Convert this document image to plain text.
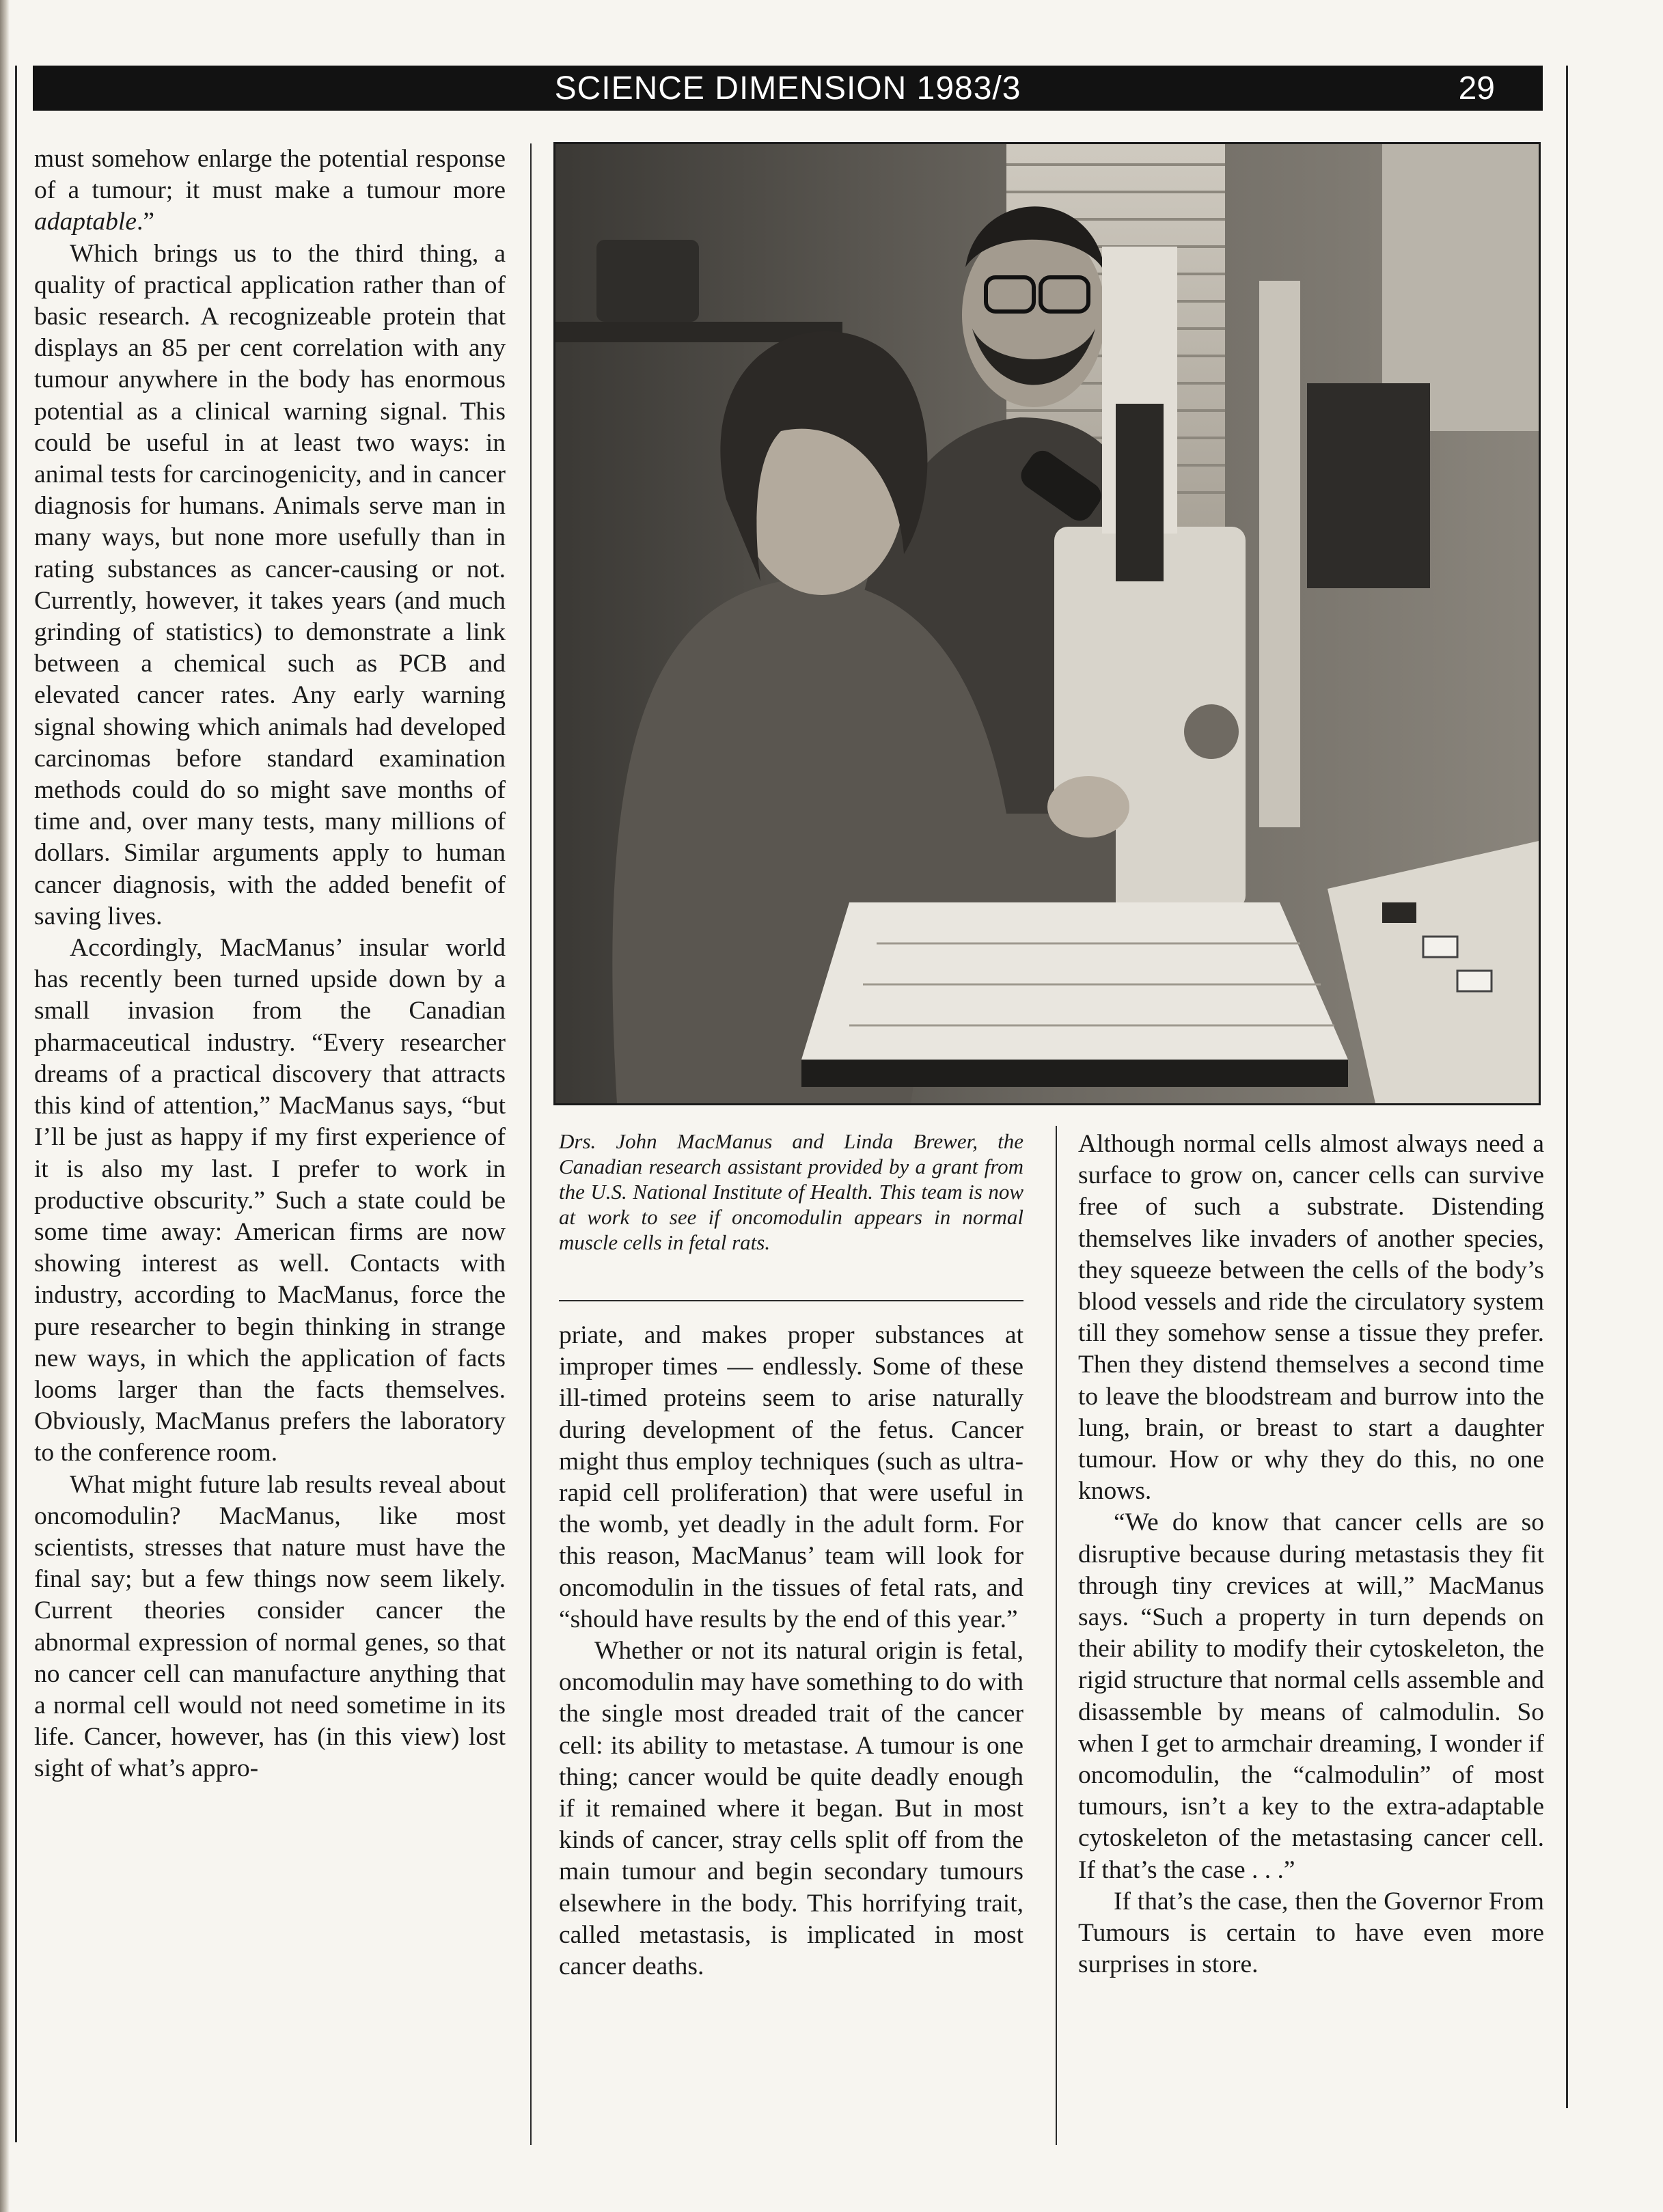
SCIENCE DIMENSION 1983/3	29

must somehow enlarge the potential response of a tumour; it must make a tumour more adaptable.”

Which brings us to the third thing, a quality of practical application rather than of basic research. A recognizeable protein that displays an 85 per cent correlation with any tumour anywhere in the body has enormous potential as a clinical warning signal. This could be useful in at least two ways: in animal tests for carcinogenicity, and in cancer diagnosis for humans. Animals serve man in many ways, but none more usefully than in rating substances as cancer-causing or not. Currently, however, it takes years (and much grinding of statistics) to demonstrate a link between a chemical such as PCB and elevated cancer rates. Any early warning signal showing which animals had developed carcinomas before standard examination methods could do so might save months of time and, over many tests, many millions of dollars. Similar arguments apply to human cancer diagnosis, with the added benefit of saving lives.

Accordingly, MacManus’ insular world has recently been turned upside down by a small invasion from the Canadian pharmaceutical industry. “Every researcher dreams of a practical discovery that attracts this kind of attention,” MacManus says, “but I’ll be just as happy if my first experience of it is also my last. I prefer to work in productive obscurity.” Such a state could be some time away: American firms are now showing interest as well. Contacts with industry, according to MacManus, force the pure researcher to begin thinking in strange new ways, in which the application of facts looms larger than the facts themselves. Obviously, MacManus prefers the laboratory to the conference room.

What might future lab results reveal about oncomodulin? MacManus, like most scientists, stresses that nature must have the final say; but a few things now seem likely. Current theories consider cancer the abnormal expression of normal genes, so that no cancer cell can manufacture anything that a normal cell would not need sometime in its life. Cancer, however, has (in this view) lost sight of what’s appro-

Drs. John MacManus and Linda Brewer, the Canadian research assistant provided by a grant from the U.S. National Institute of Health. This team is now at work to see if oncomodulin appears in normal muscle cells in fetal rats.

priate, and makes proper substances at improper times — endlessly. Some of these ill-timed proteins seem to arise naturally during development of the fetus. Cancer might thus employ techniques (such as ultra-rapid cell proliferation) that were useful in the womb, yet deadly in the adult form. For this reason, MacManus’ team will look for oncomodulin in the tissues of fetal rats, and “should have results by the end of this year.”

Whether or not its natural origin is fetal, oncomodulin may have something to do with the single most dreaded trait of the cancer cell: its ability to metastase. A tumour is one thing; cancer would be quite deadly enough if it remained where it began. But in most kinds of cancer, stray cells split off from the main tumour and begin secondary tumours elsewhere in the body. This horrifying trait, called metastasis, is implicated in most cancer deaths.

Although normal cells almost always need a surface to grow on, cancer cells can survive free of such a substrate. Distending themselves like invaders of another species, they squeeze between the cells of the body’s blood vessels and ride the circulatory system till they somehow sense a tissue they prefer. Then they distend themselves a second time to leave the bloodstream and burrow into the lung, brain, or breast to start a daughter tumour. How or why they do this, no one knows.

“We do know that cancer cells are so disruptive because during metastasis they fit through tiny crevices at will,” MacManus says. “Such a property in turn depends on their ability to modify their cytoskeleton, the rigid structure that normal cells assemble and disassemble by means of calmodulin. So when I get to armchair dreaming, I wonder if oncomodulin, the “calmodulin” of most tumours, isn’t a key to the extra-adaptable cytoskeleton of the metastasing cancer cell. If that’s the case . . .”

If that’s the case, then the Governor From Tumours is certain to have even more surprises in store.
